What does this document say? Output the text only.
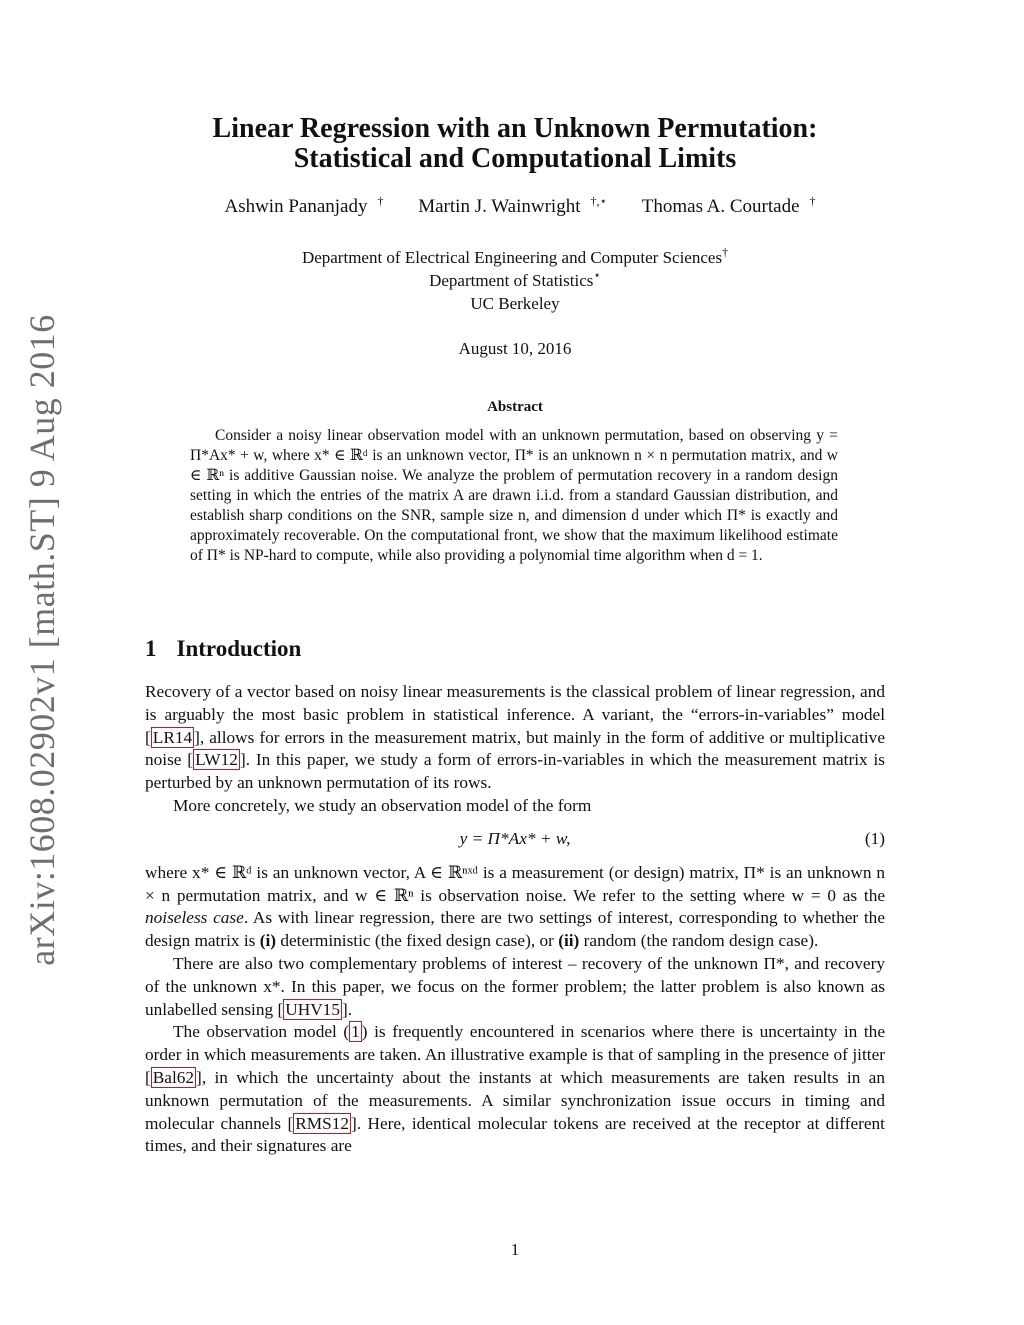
arXiv:1608.02902v1 [math.ST] 9 Aug 2016
Linear Regression with an Unknown Permutation:
Statistical and Computational Limits
Ashwin Pananjady † Martin J. Wainwright †,⋆ Thomas A. Courtade †
Department of Electrical Engineering and Computer Sciences†
Department of Statistics⋆
UC Berkeley
August 10, 2016
Abstract

Consider a noisy linear observation model with an unknown permutation, based on observing y = Π*Ax* + w, where x* ∈ ℝᵈ is an unknown vector, Π* is an unknown n × n permutation matrix, and w ∈ ℝⁿ is additive Gaussian noise. We analyze the problem of permutation recovery in a random design setting in which the entries of the matrix A are drawn i.i.d. from a standard Gaussian distribution, and establish sharp conditions on the SNR, sample size n, and dimension d under which Π* is exactly and approximately recoverable. On the computational front, we show that the maximum likelihood estimate of Π* is NP-hard to compute, while also providing a polynomial time algorithm when d = 1.

1 Introduction

Recovery of a vector based on noisy linear measurements is the classical problem of linear regression, and is arguably the most basic problem in statistical inference. A variant, the “errors-in-variables” model [ LR14 ], allows for errors in the measurement matrix, but mainly in the form of additive or multiplicative noise [ LW12 ]. In this paper, we study a form of errors-in-variables in which the measurement matrix is perturbed by an unknown permutation of its rows.

More concretely, we study an observation model of the form

y = Π*Ax* + w,	(1)

where x* ∈ ℝᵈ is an unknown vector, A ∈ ℝⁿˣᵈ is a measurement (or design) matrix, Π* is an unknown n × n permutation matrix, and w ∈ ℝⁿ is observation noise. We refer to the setting where w = 0 as the noiseless case. As with linear regression, there are two settings of interest, corresponding to whether the design matrix is (i) deterministic (the fixed design case), or (ii) random (the random design case).

There are also two complementary problems of interest – recovery of the unknown Π*, and recovery of the unknown x*. In this paper, we focus on the former problem; the latter problem is also known as unlabelled sensing [ UHV15 ].

The observation model ( 1 ) is frequently encountered in scenarios where there is uncertainty in the order in which measurements are taken. An illustrative example is that of sampling in the presence of jitter [ Bal62 ], in which the uncertainty about the instants at which measurements are taken results in an unknown permutation of the measurements. A similar synchronization issue occurs in timing and molecular channels [ RMS12 ]. Here, identical molecular tokens are received at the receptor at different times, and their signatures are

1
